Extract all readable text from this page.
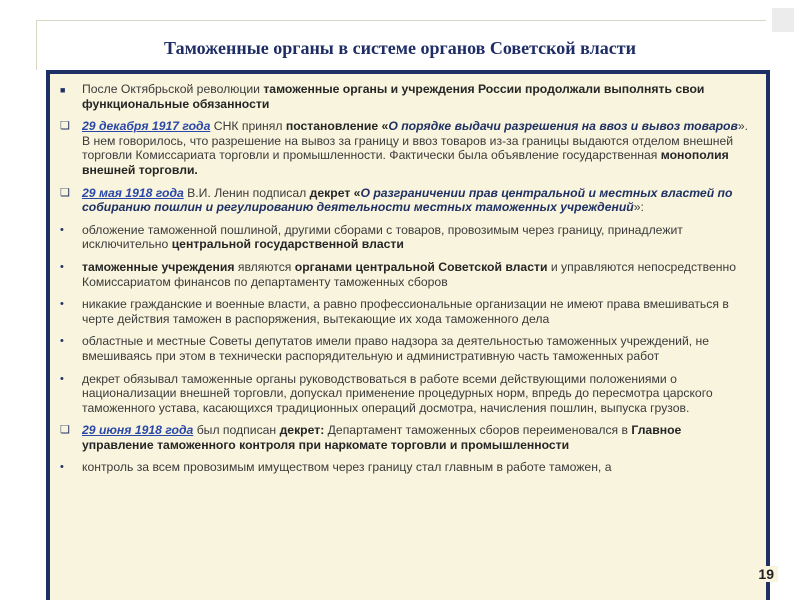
Таможенные органы в системе органов Советской власти
■ После Октябрьской революции таможенные органы и учреждения России продолжали выполнять свои функциональные обязанности
❏ 29 декабря 1917 года СНК принял постановление «О порядке выдачи разрешения на ввоз и вывоз товаров». В нем говорилось, что разрешение на вывоз за границу и ввоз товаров из-за границы выдаются отделом внешней торговли Комиссариата торговли и промышленности. Фактически была объявление государственная монополия внешней торговли.
❏ 29 мая 1918 года В.И. Ленин подписал декрет «О разграничении прав центральной и местных властей по собиранию пошлин и регулированию деятельности местных таможенных учреждений»:
• обложение таможенной пошлиной, другими сборами с товаров, провозимым через границу, принадлежит исключительно центральной государственной власти
• таможенные учреждения являются органами центральной Советской власти и управляются непосредственно Комиссариатом финансов по департаменту таможенных сборов
• никакие гражданские и военные власти, а равно профессиональные организации не имеют права вмешиваться в черте действия таможен в распоряжения, вытекающие их хода таможенного дела
• областные и местные Советы депутатов имели право надзора за деятельностью таможенных учреждений, не вмешиваясь при этом в технически распорядительную и административную часть таможенных работ
• декрет обязывал таможенные органы руководствоваться в работе всеми действующими положениями о национализации внешней торговли, допускал применение процедурных норм, впредь до пересмотра царского таможенного устава, касающихся традиционных операций досмотра, начисления пошлин, выпуска грузов.
❏ 29 июня 1918 года был подписан декрет: Департамент таможенных сборов переименовался в Главное управление таможенного контроля при наркомате торговли и промышленности
• контроль за всем провозимым имуществом через границу стал главным в работе таможен, а
19
